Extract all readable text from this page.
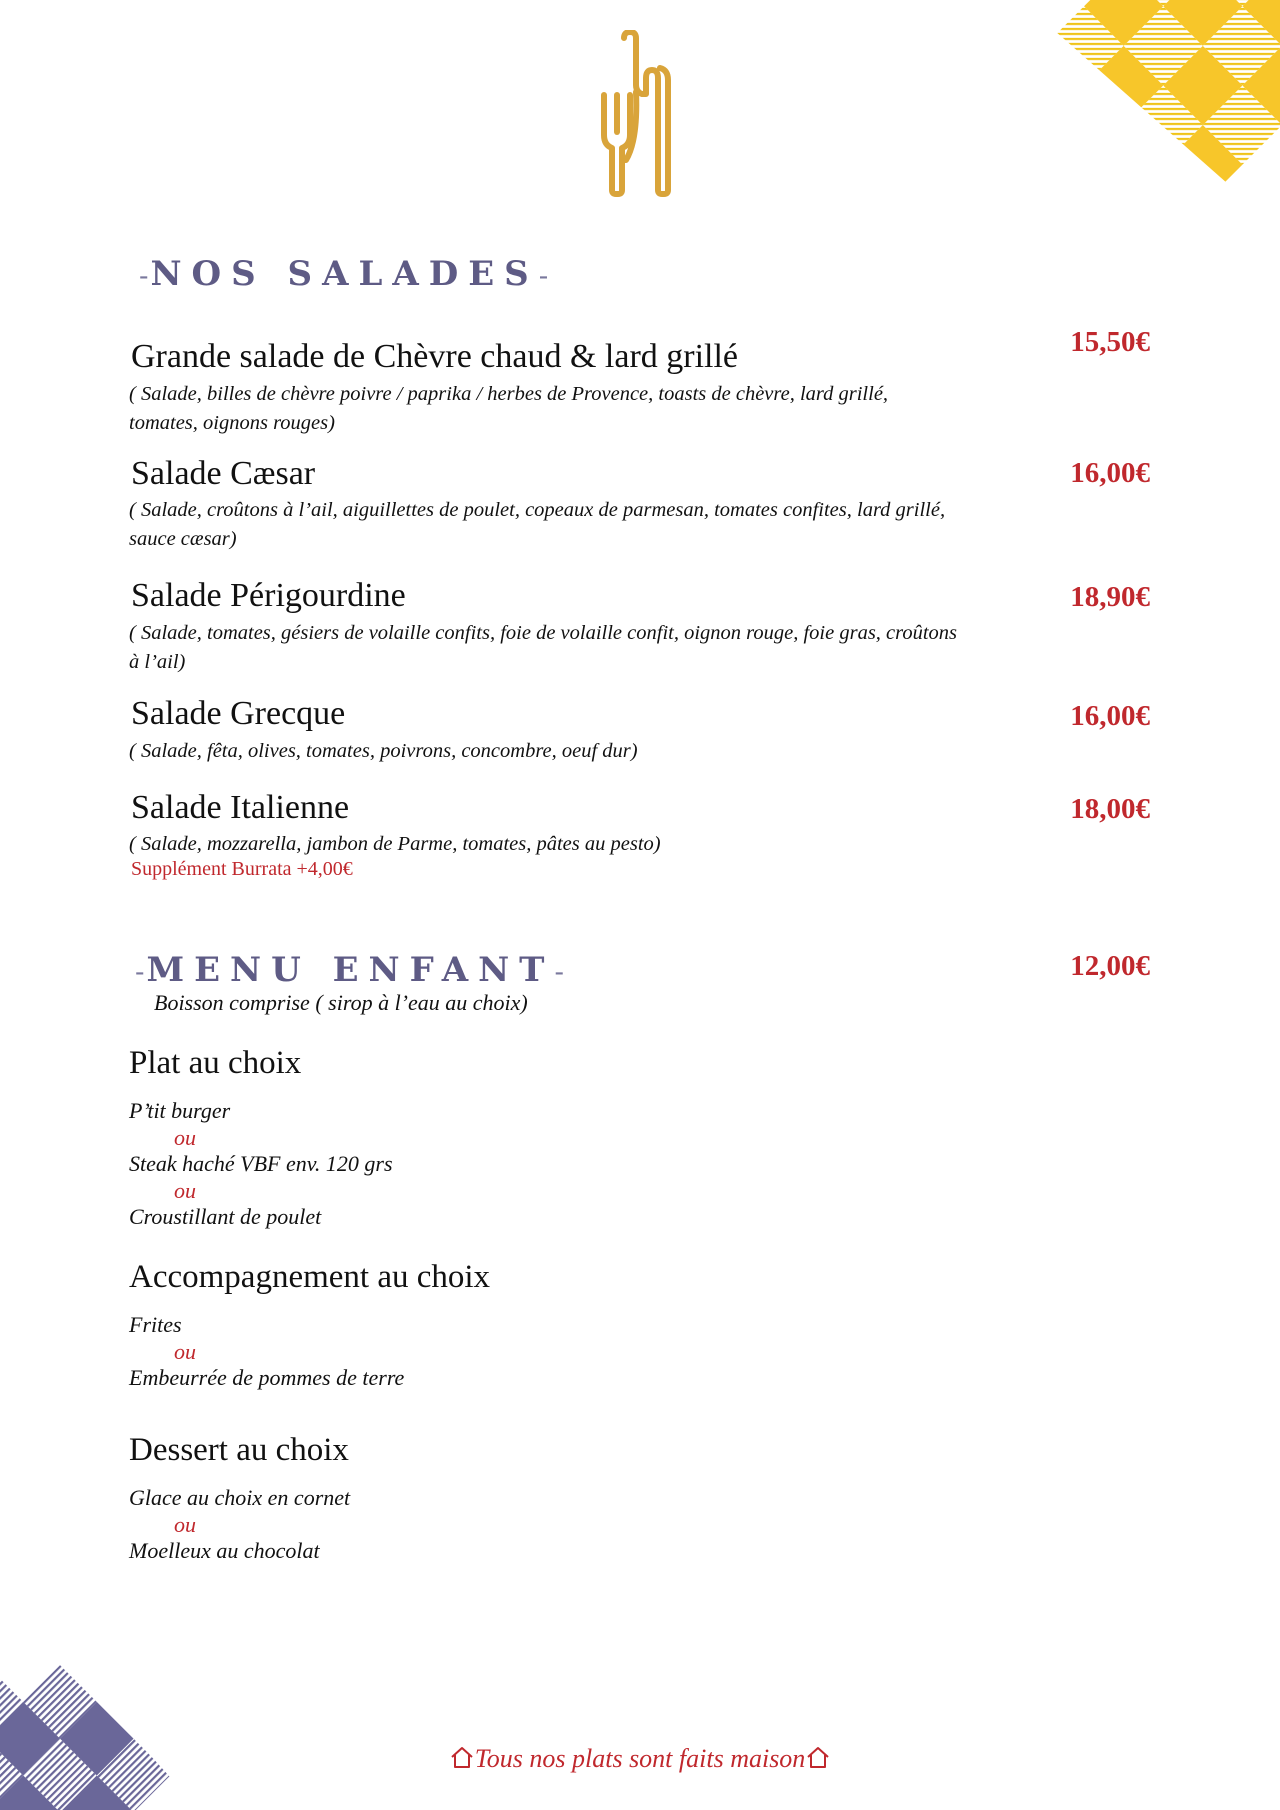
-NOS SALADES-

Grande salade de Chèvre chaud & lard grillé	15,50€

( Salade, billes de chèvre poivre / paprika / herbes de Provence, toasts de chèvre, lard grillé, tomates, oignons rouges)

Salade Cæsar	16,00€

( Salade, croûtons à l’ail, aiguillettes de poulet, copeaux de parmesan, tomates confites, lard grillé, sauce cæsar)

Salade Périgourdine	18,90€

( Salade, tomates, gésiers de volaille confits, foie de volaille confit, oignon rouge, foie gras, croûtons à l’ail)

Salade Grecque	16,00€

( Salade, fêta, olives, tomates, poivrons, concombre, oeuf dur)

Salade Italienne	18,00€

( Salade, mozzarella, jambon de Parme, tomates, pâtes au pesto)

Supplément Burrata +4,00€

-MENU ENFANT-	12,00€

Boisson comprise ( sirop à l’eau au choix)

Plat au choix

P’tit burger
ou
Steak haché VBF env. 120 grs
ou
Croustillant de poulet

Accompagnement au choix

Frites
ou
Embeurrée de pommes de terre

Dessert au choix

Glace au choix en cornet
ou
Moelleux au chocolat

Tous nos plats sont faits maison
